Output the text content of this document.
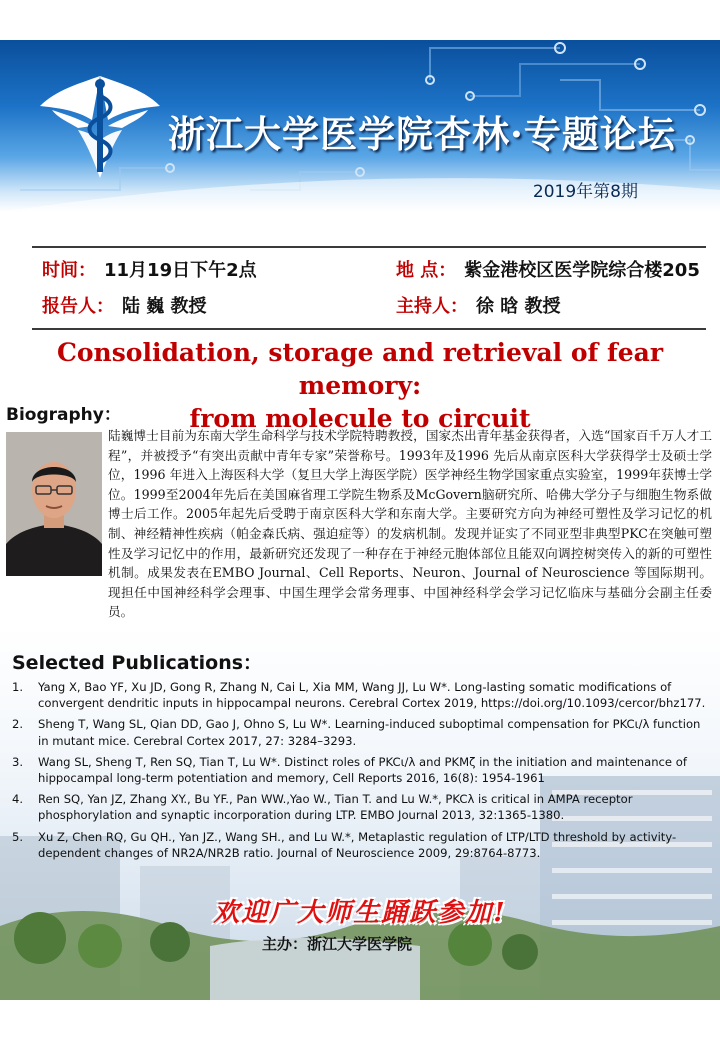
浙江大学医学院杏林·专题论坛
2019年第8期
时间： 11月19日下午2点	地 点： 紫金港校区医学院综合楼205
报告人： 陆 巍 教授	主持人： 徐 晗 教授
Consolidation, storage and retrieval of fear memory:
from molecule to circuit
Biography：
陆巍博士目前为东南大学生命科学与技术学院特聘教授，国家杰出青年基金获得者，入选“国家百千万人才工程”，并被授予“有突出贡献中青年专家”荣誉称号。1993年及1996 先后从南京医科大学获得学士及硕士学位，1996 年进入上海医科大学（复旦大学上海医学院）医学神经生物学国家重点实验室，1999年获博士学位。1999至2004年先后在美国麻省理工学院生物系及McGovern脑研究所、哈佛大学分子与细胞生物系做博士后工作。2005年起先后受聘于南京医科大学和东南大学。主要研究方向为神经可塑性及学习记忆的机制、神经精神性疾病（帕金森氏病、强迫症等）的发病机制。发现并证实了不同亚型非典型PKC在突触可塑性及学习记忆中的作用，最新研究还发现了一种存在于神经元胞体部位且能双向调控树突传入的新的可塑性机制。成果发表在EMBO Journal、Cell Reports、Neuron、Journal of Neuroscience 等国际期刊。现担任中国神经科学会理事、中国生理学会常务理事、中国神经科学会学习记忆临床与基础分会副主任委员。
Selected Publications：
1. Yang X, Bao YF, Xu JD, Gong R, Zhang N, Cai L, Xia MM, Wang JJ, Lu W*. Long-lasting somatic modifications of convergent dendritic inputs in hippocampal neurons. Cerebral Cortex 2019, https://doi.org/10.1093/cercor/bhz177.
2. Sheng T, Wang SL, Qian DD, Gao J, Ohno S, Lu W*. Learning-induced suboptimal compensation for PKCι/λ function in mutant mice. Cerebral Cortex 2017, 27: 3284–3293.
3. Wang SL, Sheng T, Ren SQ, Tian T, Lu W*. Distinct roles of PKCι/λ and PKMζ in the initiation and maintenance of hippocampal long-term potentiation and memory, Cell Reports 2016, 16(8): 1954-1961
4. Ren SQ, Yan JZ, Zhang XY., Bu YF., Pan WW.,Yao W., Tian T. and Lu W.*, PKCλ is critical in AMPA receptor phosphorylation and synaptic incorporation during LTP. EMBO Journal 2013, 32:1365-1380.
5. Xu Z, Chen RQ, Gu QH., Yan JZ., Wang SH., and Lu W.*, Metaplastic regulation of LTP/LTD threshold by activity-dependent changes of NR2A/NR2B ratio. Journal of Neuroscience 2009, 29:8764-8773.
欢迎广大师生踊跃参加!
主办：浙江大学医学院
